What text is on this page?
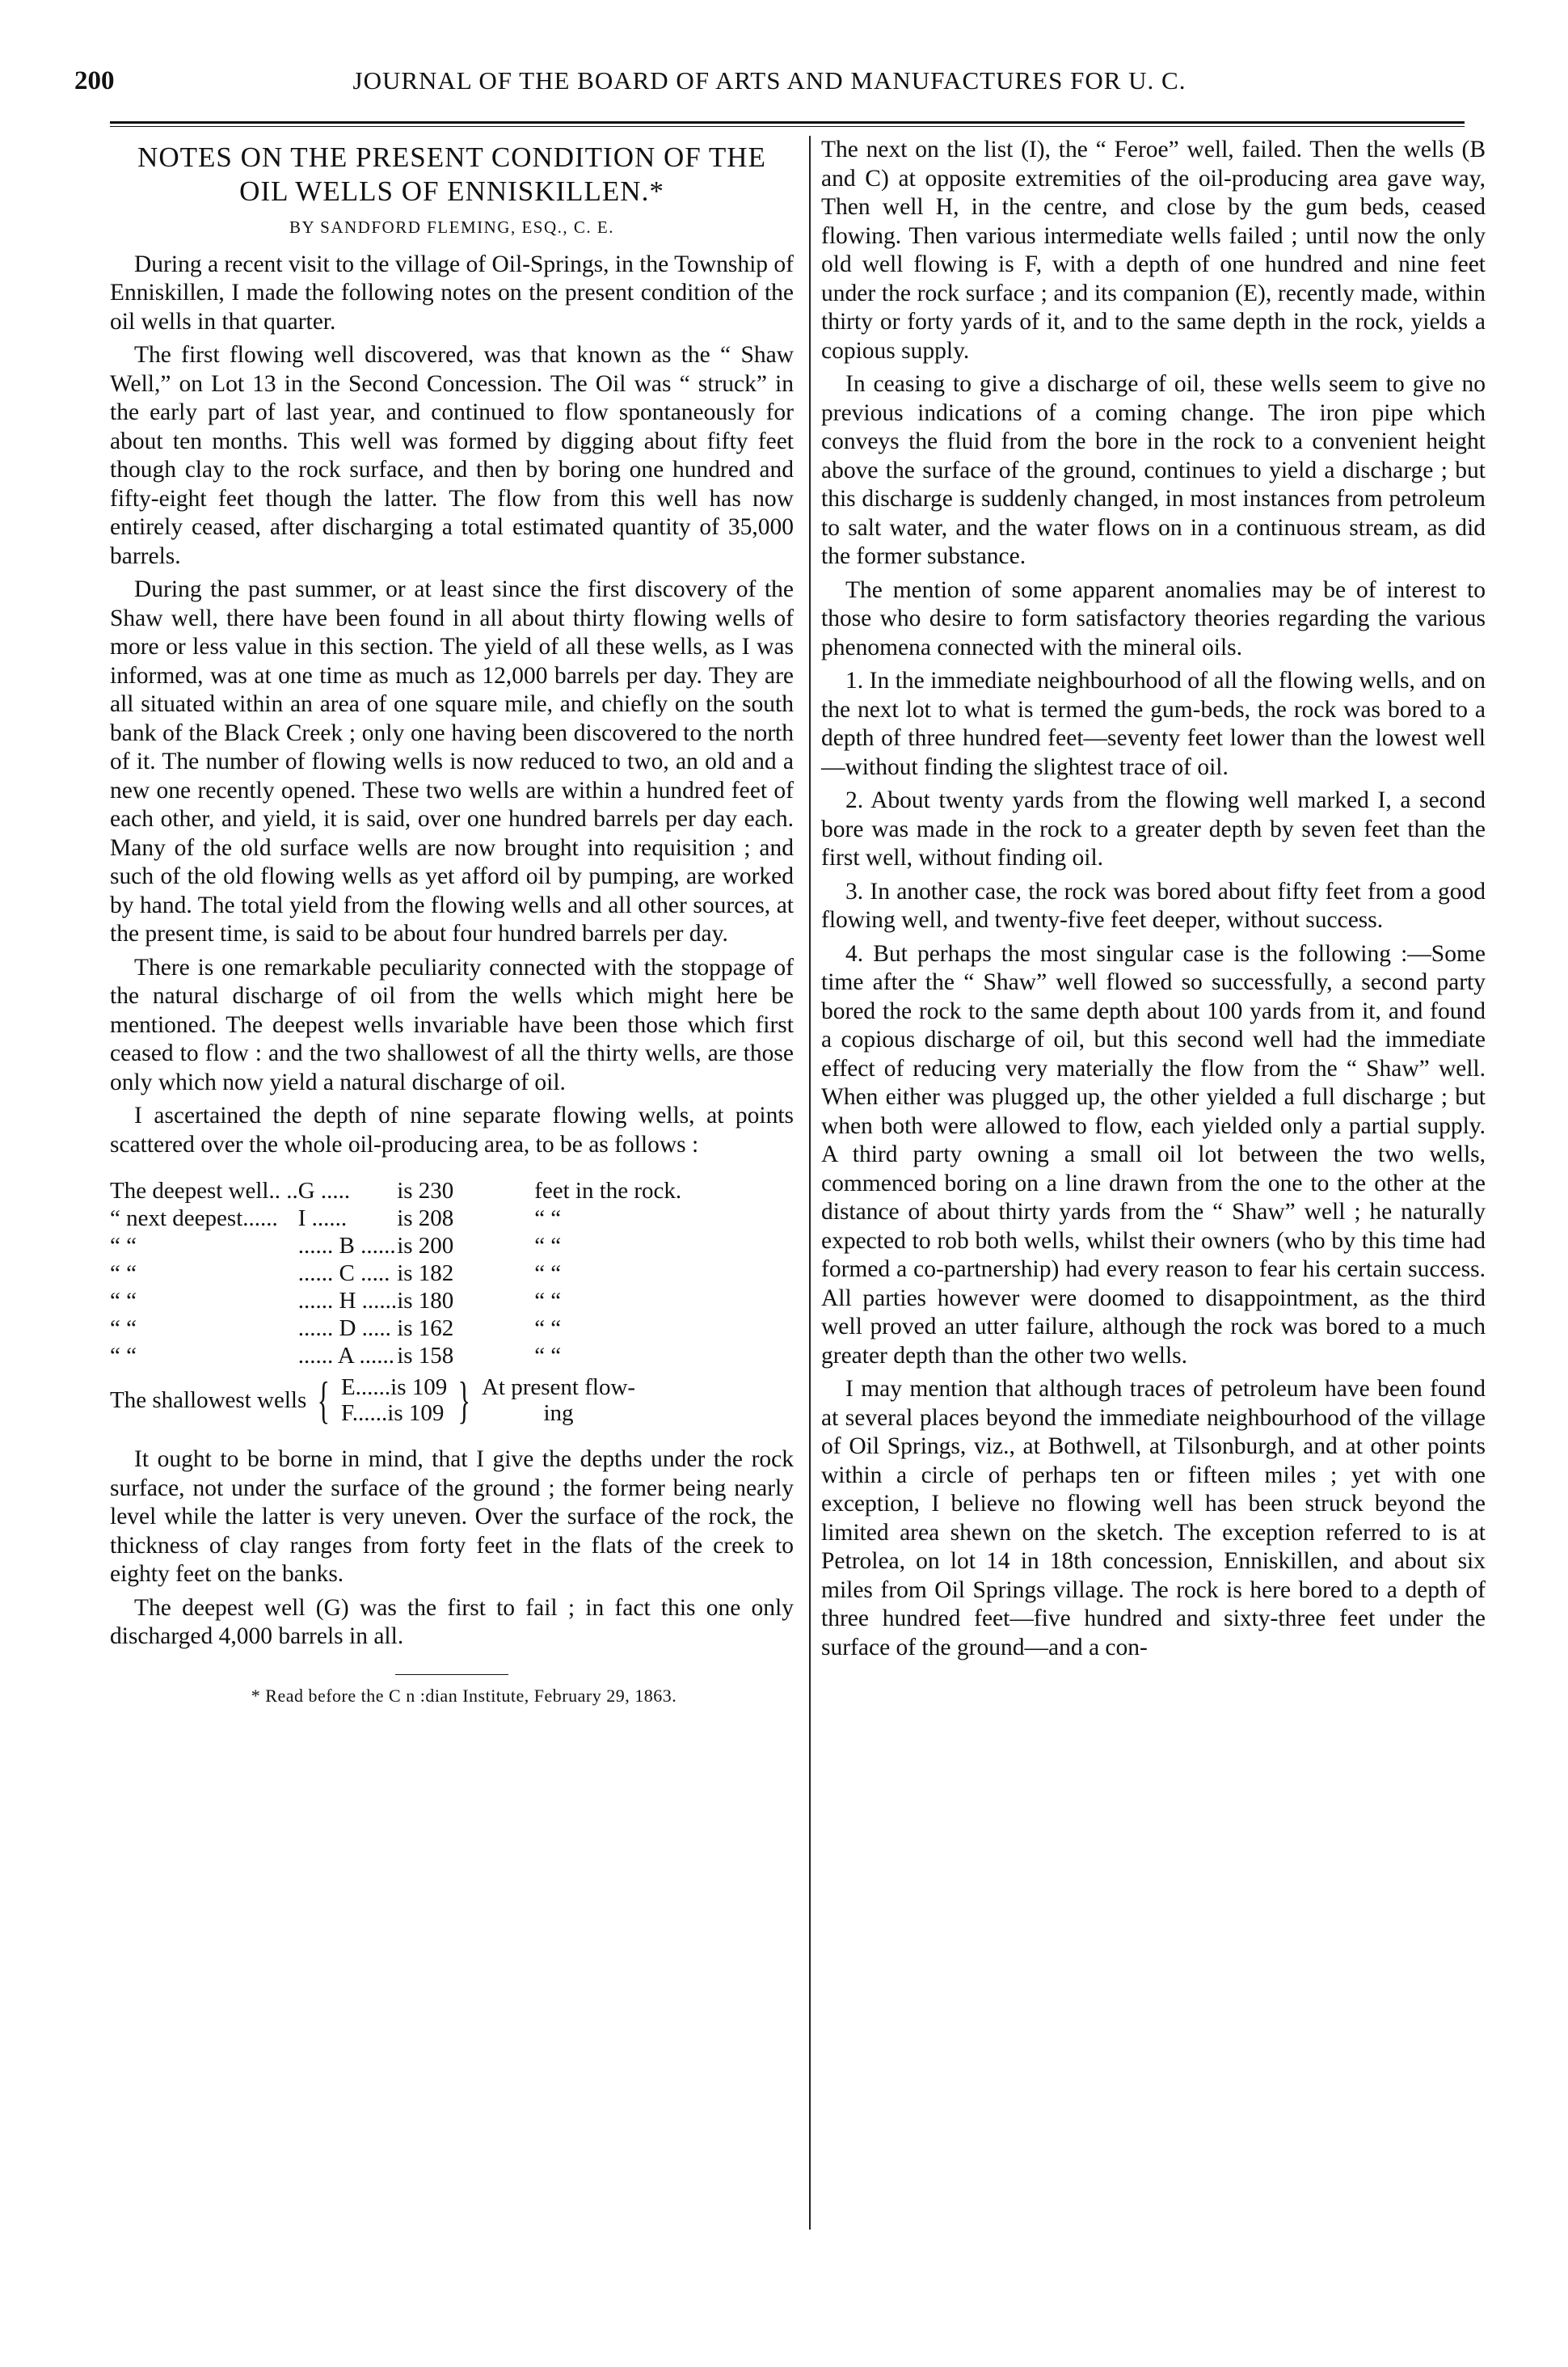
200	JOURNAL OF THE BOARD OF ARTS AND MANUFACTURES FOR U. C.
NOTES ON THE PRESENT CONDITION OF THE OIL WELLS OF ENNISKILLEN.*
BY SANDFORD FLEMING, ESQ., C. E.

During a recent visit to the village of Oil-Springs, in the Township of Enniskillen, I made the following notes on the present condition of the oil wells in that quarter.

The first flowing well discovered, was that known as the “ Shaw Well,” on Lot 13 in the Second Concession. The Oil was “ struck” in the early part of last year, and continued to flow spontaneously for about ten months. This well was formed by digging about fifty feet though clay to the rock surface, and then by boring one hundred and fifty-eight feet though the latter. The flow from this well has now entirely ceased, after discharging a total estimated quantity of 35,000 barrels.

During the past summer, or at least since the first discovery of the Shaw well, there have been found in all about thirty flowing wells of more or less value in this section. The yield of all these wells, as I was informed, was at one time as much as 12,000 barrels per day. They are all situated within an area of one square mile, and chiefly on the south bank of the Black Creek ; only one having been discovered to the north of it. The number of flowing wells is now reduced to two, an old and a new one recently opened. These two wells are within a hundred feet of each other, and yield, it is said, over one hundred barrels per day each. Many of the old surface wells are now brought into requisition ; and such of the old flowing wells as yet afford oil by pumping, are worked by hand. The total yield from the flowing wells and all other sources, at the present time, is said to be about four hundred barrels per day.

There is one remarkable peculiarity connected with the stoppage of the natural discharge of oil from the wells which might here be mentioned. The deepest wells invariable have been those which first ceased to flow : and the two shallowest of all the thirty wells, are those only which now yield a natural discharge of oil.

I ascertained the depth of nine separate flowing wells, at points scattered over the whole oil-producing area, to be as follows :

The deepest well.. ..	G .....	is 230	feet in the rock.
“ next deepest......	I ......	is 208	“ “
“ “	...... B ......	is 200	“ “
“ “	...... C .....	is 182	“ “
“ “	...... H ......	is 180	“ “
“ “	...... D .....	is 162	“ “
“ “	...... A ......	is 158	“ “
The shallowest wells { E......is 109
F......is 109 } At present flow-
ing

It ought to be borne in mind, that I give the depths under the rock surface, not under the surface of the ground ; the former being nearly level while the latter is very uneven. Over the surface of the rock, the thickness of clay ranges from forty feet in the flats of the creek to eighty feet on the banks.

The deepest well (G) was the first to fail ; in fact this one only discharged 4,000 barrels in all.

* Read before the C n :dian Institute, February 29, 1863.

The next on the list (I), the “ Feroe” well, failed. Then the wells (B and C) at opposite extremities of the oil-producing area gave way, Then well H, in the centre, and close by the gum beds, ceased flowing. Then various intermediate wells failed ; until now the only old well flowing is F, with a depth of one hundred and nine feet under the rock surface ; and its companion (E), recently made, within thirty or forty yards of it, and to the same depth in the rock, yields a copious supply.

In ceasing to give a discharge of oil, these wells seem to give no previous indications of a coming change. The iron pipe which conveys the fluid from the bore in the rock to a convenient height above the surface of the ground, continues to yield a discharge ; but this discharge is suddenly changed, in most instances from petroleum to salt water, and the water flows on in a continuous stream, as did the former substance.

The mention of some apparent anomalies may be of interest to those who desire to form satisfactory theories regarding the various phenomena connected with the mineral oils.

1. In the immediate neighbourhood of all the flowing wells, and on the next lot to what is termed the gum-beds, the rock was bored to a depth of three hundred feet—seventy feet lower than the lowest well—without finding the slightest trace of oil.

2. About twenty yards from the flowing well marked I, a second bore was made in the rock to a greater depth by seven feet than the first well, without finding oil.

3. In another case, the rock was bored about fifty feet from a good flowing well, and twenty-five feet deeper, without success.

4. But perhaps the most singular case is the following :—Some time after the “ Shaw” well flowed so successfully, a second party bored the rock to the same depth about 100 yards from it, and found a copious discharge of oil, but this second well had the immediate effect of reducing very materially the flow from the “ Shaw” well. When either was plugged up, the other yielded a full discharge ; but when both were allowed to flow, each yielded only a partial supply. A third party owning a small oil lot between the two wells, commenced boring on a line drawn from the one to the other at the distance of about thirty yards from the “ Shaw” well ; he naturally expected to rob both wells, whilst their owners (who by this time had formed a co-partnership) had every reason to fear his certain success. All parties however were doomed to disappointment, as the third well proved an utter failure, although the rock was bored to a much greater depth than the other two wells.

I may mention that although traces of petroleum have been found at several places beyond the immediate neighbourhood of the village of Oil Springs, viz., at Bothwell, at Tilsonburgh, and at other points within a circle of perhaps ten or fifteen miles ; yet with one exception, I believe no flowing well has been struck beyond the limited area shewn on the sketch. The exception referred to is at Petrolea, on lot 14 in 18th concession, Enniskillen, and about six miles from Oil Springs village. The rock is here bored to a depth of three hundred feet—five hundred and sixty-three feet under the surface of the ground—and a con-
